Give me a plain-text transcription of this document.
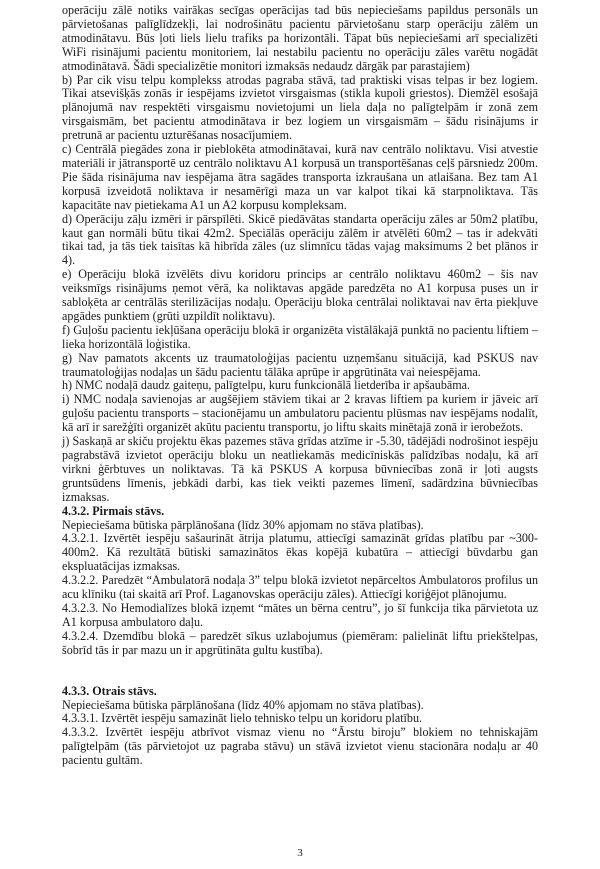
operāciju zālē notiks vairākas secīgas operācijas tad būs nepieciešams papildus personāls un pārvietošanas palīglīdzekļi, lai nodrošinātu pacientu pārvietošanu starp operāciju zālēm un atmodinātavu. Būs ļoti liels lielu trafiks pa horizontāli. Tāpat būs nepieciešami arī specializēti WiFi risinājumi pacientu monitoriem, lai nestabilu pacientu no operāciju zāles varētu nogādāt atmodinātavā. Šādi specializētie monitori izmaksās nedaudz dārgāk par parastajiem)

b) Par cik visu telpu komplekss atrodas pagraba stāvā, tad praktiski visas telpas ir bez logiem. Tikai atsevišķās zonās ir iespējams izvietot virsgaismas (stikla kupoli griestos). Diemžēl esošajā plānojumā nav respektēti virsgaismu novietojumi un liela daļa no palīgtelpām ir zonā zem virsgaismām, bet pacientu atmodinātava ir bez logiem un virsgaismām – šādu risinājums ir pretrunā ar pacientu uzturēšanas nosacījumiem.

c) Centrālā piegādes zona ir pieblokēta atmodinātavai, kurā nav centrālo noliktavu. Visi atvestie materiāli ir jātransportē uz centrālo noliktavu A1 korpusā un transportēšanas ceļš pārsniedz 200m. Pie šāda risinājuma nav iespējama ātra sagādes transporta izkraušana un atlaišana. Bez tam A1 korpusā izveidotā noliktava ir nesamērīgi maza un var kalpot tikai kā starpnoliktava. Tās kapacitāte nav pietiekama A1 un A2 korpusu kompleksam.

d) Operāciju zāļu izmēri ir pārspīlēti. Skicē piedāvātas standarta operāciju zāles ar 50m2 platību, kaut gan normāli būtu tikai 42m2. Speciālās operāciju zālēm ir atvēlēti 60m2 – tas ir adekvāti tikai tad, ja tās tiek taisītas kā hibrīda zāles (uz slimnīcu tādas vajag maksimums 2 bet plānos ir 4).

e) Operāciju blokā izvēlēts divu koridoru princips ar centrālo noliktavu 460m2 – šis nav veiksmīgs risinājums ņemot vērā, ka noliktavas apgāde paredzēta no A1 korpusa puses un ir sabloķēta ar centrālās sterilizācijas nodaļu. Operāciju bloka centrālai noliktavai nav ērta piekļuve apgādes punktiem (grūti uzpildīt noliktavu).

f) Guļošu pacientu iekļūšana operāciju blokā ir organizēta vistālākajā punktā no pacientu liftiem – lieka horizontālā loģistika.

g) Nav pamatots akcents uz traumatoloģijas pacientu uzņemšanu situācijā, kad PSKUS nav traumatoloģijas nodaļas un šādu pacientu tālāka aprūpe ir apgrūtināta vai neiespējama.

h) NMC nodaļā daudz gaiteņu, palīgtelpu, kuru funkcionālā lietderība ir apšaubāma.

i) NMC nodaļa savienojas ar augšējiem stāviem tikai ar 2 kravas liftiem pa kuriem ir jāveic arī guļošu pacientu transports – stacionējamu un ambulatoru pacientu plūsmas nav iespējams nodalīt, kā arī ir sarežģīti organizēt akūtu pacientu transportu, jo liftu skaits minētajā zonā ir ierobežots.

j) Saskaņā ar skiču projektu ēkas pazemes stāva grīdas atzīme ir -5.30, tādējādi nodrošinot iespēju pagrabstāvā izvietot operāciju bloku un neatliekamās medicīniskās palīdzības nodaļu, kā arī virkni ģērbtuves un noliktavas. Tā kā PSKUS A korpusa būvniecības zonā ir ļoti augsts gruntsūdens līmenis, jebkādi darbi, kas tiek veikti pazemes līmenī, sadārdzina būvniecības izmaksas.

4.3.2. Pirmais stāvs.

Nepieciešama būtiska pārplānošana (līdz 30% apjomam no stāva platības).

4.3.2.1. Izvērtēt iespēju sašaurināt ātrija platumu, attiecīgi samazināt grīdas platību par ~300-400m2. Kā rezultātā būtiski samazinātos ēkas kopējā kubatūra – attiecīgi būvdarbu gan ekspluatācijas izmaksas.

4.3.2.2. Paredzēt “Ambulatorā nodaļa 3” telpu blokā izvietot nepārceltos Ambulatoros profilus un acu klīniku (tai skaitā arī Prof. Laganovskas operāciju zāles). Attiecīgi koriģējot plānojumu.

4.3.2.3. No Hemodialīzes blokā izņemt “mātes un bērna centru”, jo šī funkcija tika pārvietota uz A1 korpusa ambulatoro daļu.

4.3.2.4. Dzemdību blokā – paredzēt sīkus uzlabojumus (piemēram: palielināt liftu priekštelpas, šobrīd tās ir par mazu un ir apgrūtināta gultu kustība).

4.3.3. Otrais stāvs.

Nepieciešama būtiska pārplānošana (līdz 40% apjomam no stāva platības).

4.3.3.1. Izvērtēt iespēju samazināt lielo tehnisko telpu un koridoru platību.

4.3.3.2. Izvērtēt iespēju atbrīvot vismaz vienu no “Ārstu biroju” blokiem no tehniskajām palīgtelpām (tās pārvietojot uz pagraba stāvu) un stāvā izvietot vienu stacionāra nodaļu ar 40 pacientu gultām.

3
